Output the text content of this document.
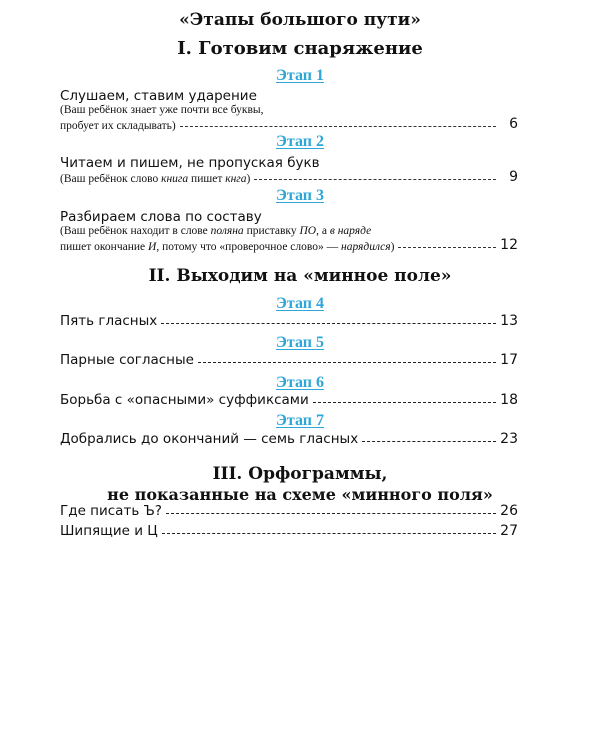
«Этапы большого пути»
I. Готовим снаряжение
Этап 1
Слушаем, ставим ударение
(Ваш ребёнок знает уже почти все буквы,
пробует их складывать)	6
Этап 2
Читаем и пишем, не пропуская букв
(Ваш ребёнок слово книга пишет кнга)	9
Этап 3
Разбираем слова по составу
(Ваш ребёнок находит в слове поляна приставку ПО, а в наряде
пишет окончание И, потому что «проверочное слово» — нарядился)	12
II. Выходим на «минное поле»
Этап 4
Пять гласных	13
Этап 5
Парные согласные	17
Этап 6
Борьба с «опасными» суффиксами	18
Этап 7
Добрались до окончаний — семь гласных	23
III. Орфограммы,
не показанные на схеме «минного поля»
Где писать Ъ?	26
Шипящие и Ц	27
